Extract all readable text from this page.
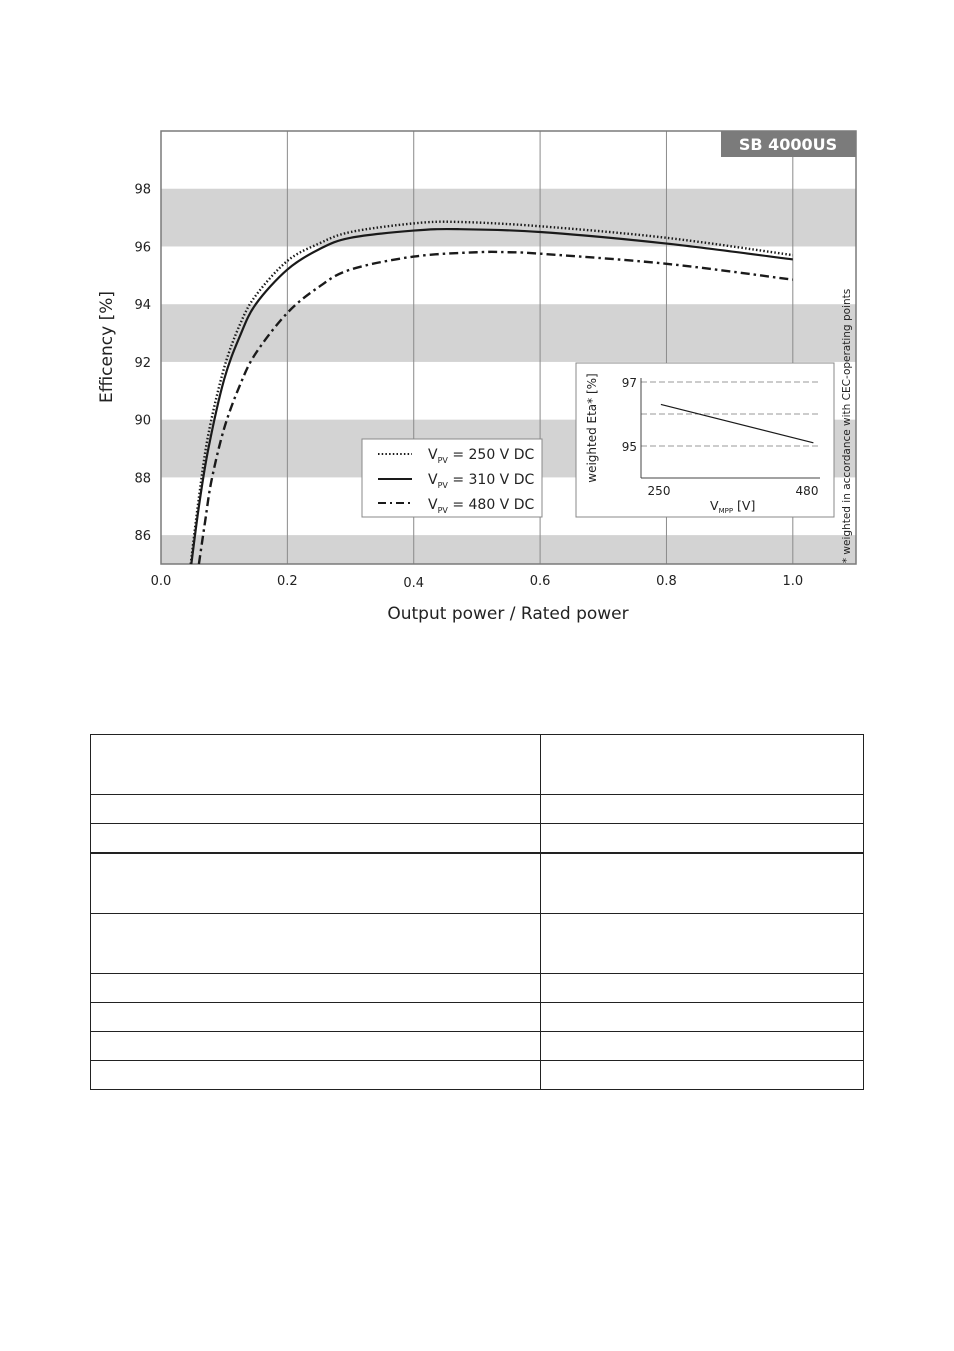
86
88
90
92
94
96
98
0.0	0.2	0.4	0.6	0.8	1.0
SB 4000US
Output power / Rated power
Efficency [%]	* weighted in accordance with CEC-operating points
$V_{PV} = 250$ V DC
$V_{PV} = 310$ V DC
$V_{PV} = 480$ V DC
97
95
250	480
weighted Eta* [%]
$V_{MPP}$ [V]
